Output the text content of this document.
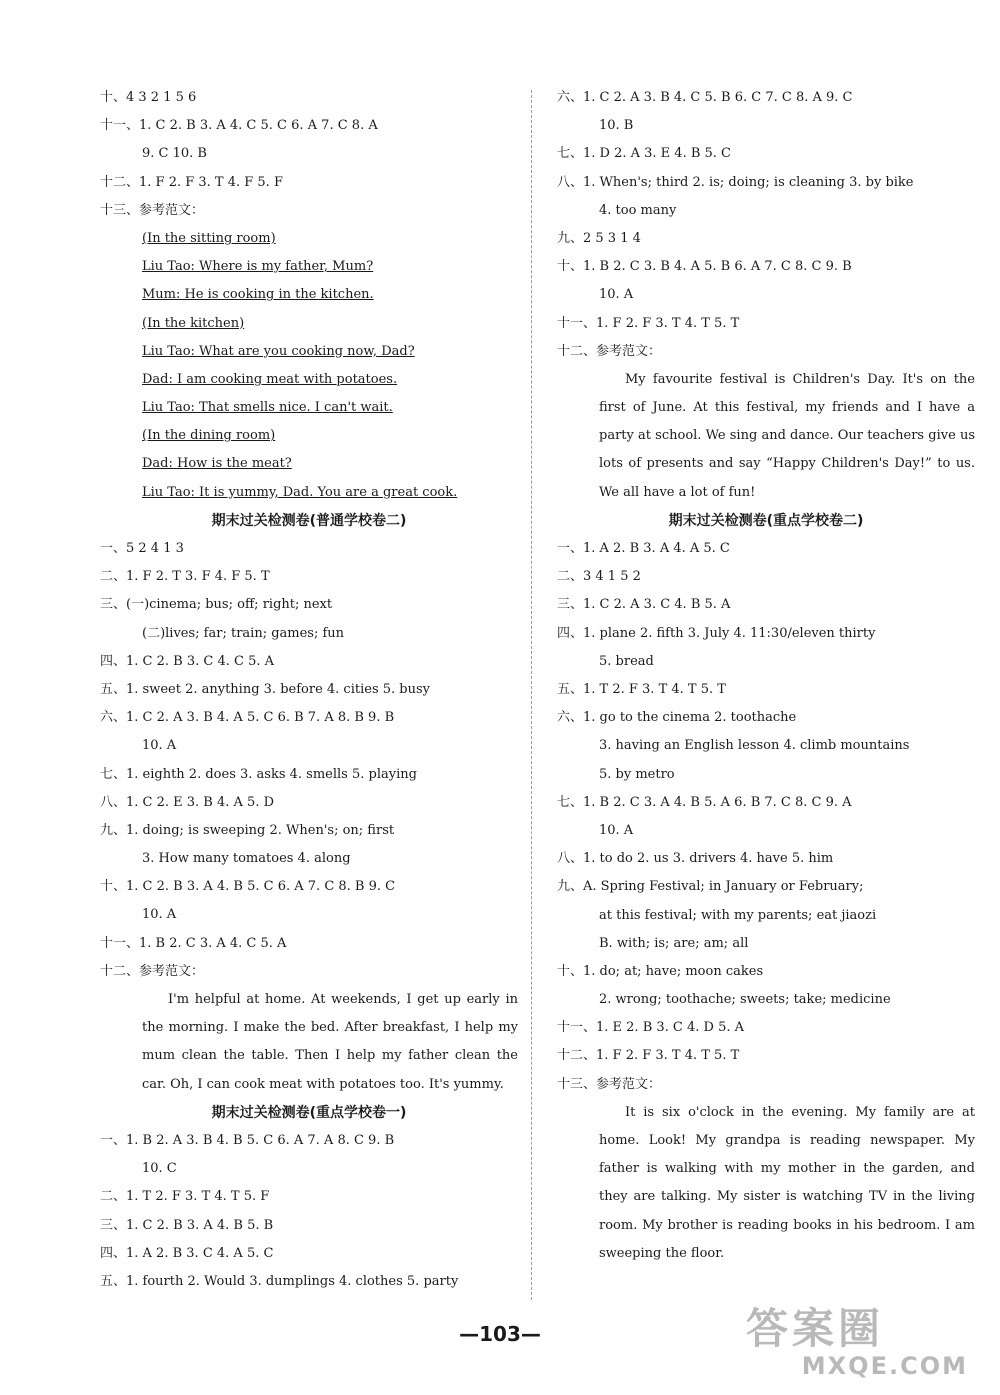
十、4 3 2 1 5 6
十一、1. C 2. B 3. A 4. C 5. C 6. A 7. C 8. A
9. C 10. B
十二、1. F 2. F 3. T 4. F 5. F
十三、参考范文：
(In the sitting room)
Liu Tao: Where is my father, Mum?
Mum: He is cooking in the kitchen.
(In the kitchen)
Liu Tao: What are you cooking now, Dad?
Dad: I am cooking meat with potatoes.
Liu Tao: That smells nice. I can't wait.
(In the dining room)
Dad: How is the meat?
Liu Tao: It is yummy, Dad. You are a great cook.
期末过关检测卷(普通学校卷二)
一、5 2 4 1 3
二、1. F 2. T 3. F 4. F 5. T
三、(一)cinema; bus; off; right; next
(二)lives; far; train; games; fun
四、1. C 2. B 3. C 4. C 5. A
五、1. sweet 2. anything 3. before 4. cities 5. busy
六、1. C 2. A 3. B 4. A 5. C 6. B 7. A 8. B 9. B
10. A
七、1. eighth 2. does 3. asks 4. smells 5. playing
八、1. C 2. E 3. B 4. A 5. D
九、1. doing; is sweeping 2. When's; on; first
3. How many tomatoes 4. along
十、1. C 2. B 3. A 4. B 5. C 6. A 7. C 8. B 9. C
10. A
十一、1. B 2. C 3. A 4. C 5. A
十二、参考范文：
I'm helpful at home. At weekends, I get up early in the morning. I make the bed. After breakfast, I help my mum clean the table. Then I help my father clean the car. Oh, I can cook meat with potatoes too. It's yummy.
期末过关检测卷(重点学校卷一)
一、1. B 2. A 3. B 4. B 5. C 6. A 7. A 8. C 9. B
10. C
二、1. T 2. F 3. T 4. T 5. F
三、1. C 2. B 3. A 4. B 5. B
四、1. A 2. B 3. C 4. A 5. C
五、1. fourth 2. Would 3. dumplings 4. clothes 5. party
六、1. C 2. A 3. B 4. C 5. B 6. C 7. C 8. A 9. C
10. B
七、1. D 2. A 3. E 4. B 5. C
八、1. When's; third 2. is; doing; is cleaning 3. by bike
4. too many
九、2 5 3 1 4
十、1. B 2. C 3. B 4. A 5. B 6. A 7. C 8. C 9. B
10. A
十一、1. F 2. F 3. T 4. T 5. T
十二、参考范文：
My favourite festival is Children's Day. It's on the first of June. At this festival, my friends and I have a party at school. We sing and dance. Our teachers give us lots of presents and say “Happy Children's Day!” to us. We all have a lot of fun!
期末过关检测卷(重点学校卷二)
一、1. A 2. B 3. A 4. A 5. C
二、3 4 1 5 2
三、1. C 2. A 3. C 4. B 5. A
四、1. plane 2. fifth 3. July 4. 11:30/eleven thirty
5. bread
五、1. T 2. F 3. T 4. T 5. T
六、1. go to the cinema 2. toothache
3. having an English lesson 4. climb mountains
5. by metro
七、1. B 2. C 3. A 4. B 5. A 6. B 7. C 8. C 9. A
10. A
八、1. to do 2. us 3. drivers 4. have 5. him
九、A. Spring Festival; in January or February;
at this festival; with my parents; eat jiaozi
B. with; is; are; am; all
十、1. do; at; have; moon cakes
2. wrong; toothache; sweets; take; medicine
十一、1. E 2. B 3. C 4. D 5. A
十二、1. F 2. F 3. T 4. T 5. T
十三、参考范文：
It is six o'clock in the evening. My family are at home. Look! My grandpa is reading newspaper. My father is walking with my mother in the garden, and they are talking. My sister is watching TV in the living room. My brother is reading books in his bedroom. I am sweeping the floor.
—103—	答案圈
MXQE.COM
